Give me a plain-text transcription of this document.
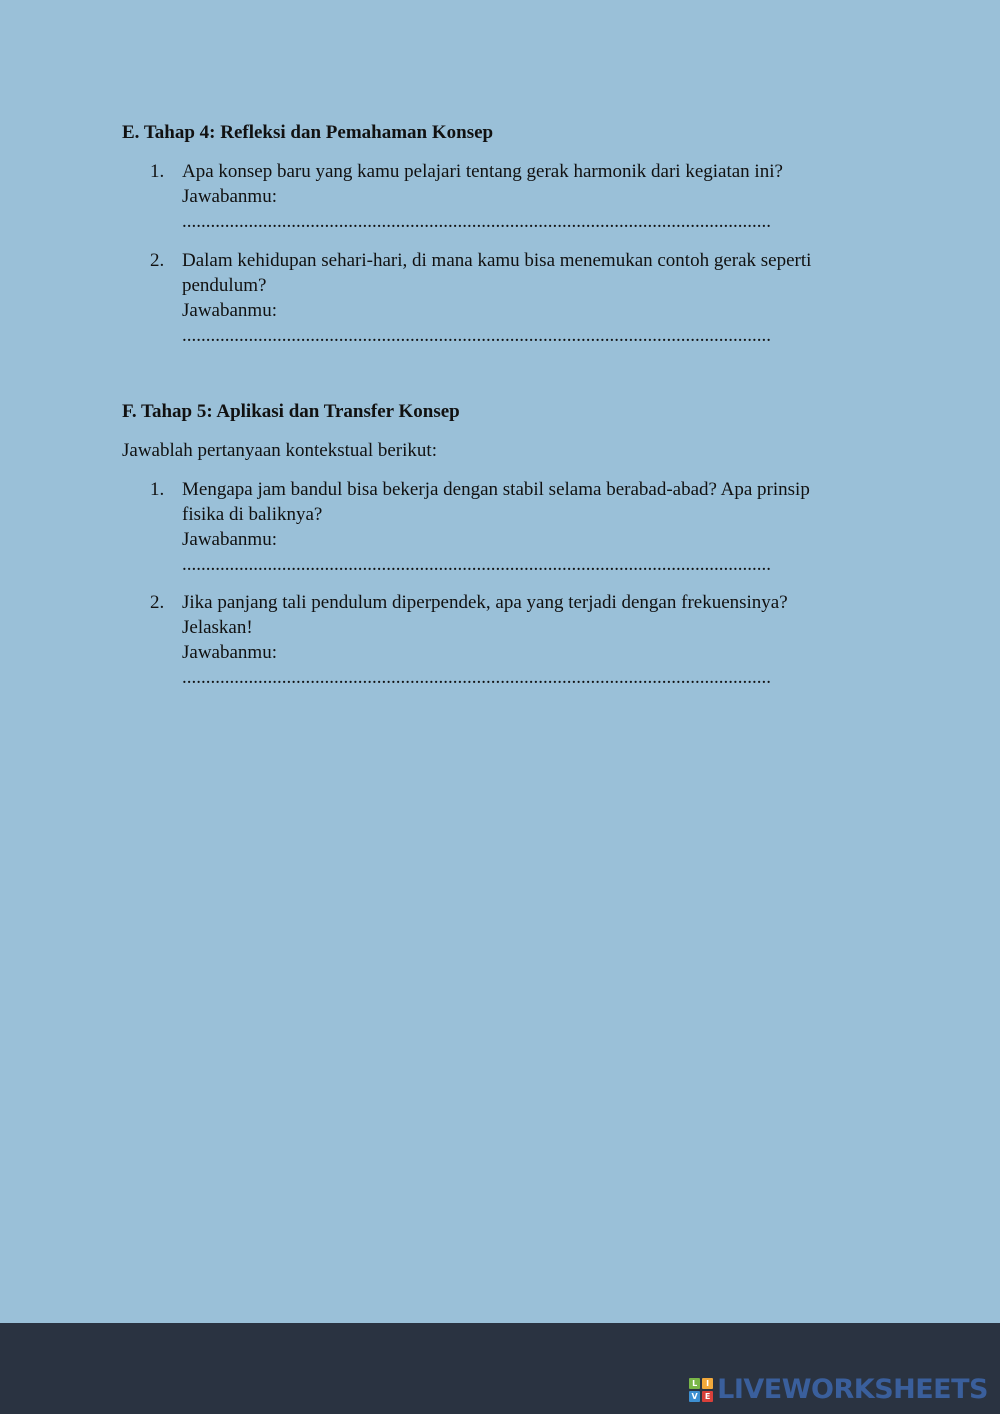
E. Tahap 4: Refleksi dan Pemahaman Konsep
1. Apa konsep baru yang kamu pelajari tentang gerak harmonik dari kegiatan ini?
Jawabanmu:
............................................................................................................................
2. Dalam kehidupan sehari-hari, di mana kamu bisa menemukan contoh gerak seperti
pendulum?
Jawabanmu:
............................................................................................................................
F. Tahap 5: Aplikasi dan Transfer Konsep

Jawablah pertanyaan kontekstual berikut:

1. Mengapa jam bandul bisa bekerja dengan stabil selama berabad-abad? Apa prinsip
fisika di baliknya?
Jawabanmu:
............................................................................................................................
2. Jika panjang tali pendulum diperpendek, apa yang terjadi dengan frekuensinya?
Jelaskan!
Jawabanmu:
............................................................................................................................
L	I
V E LIVEWORKSHEETS
